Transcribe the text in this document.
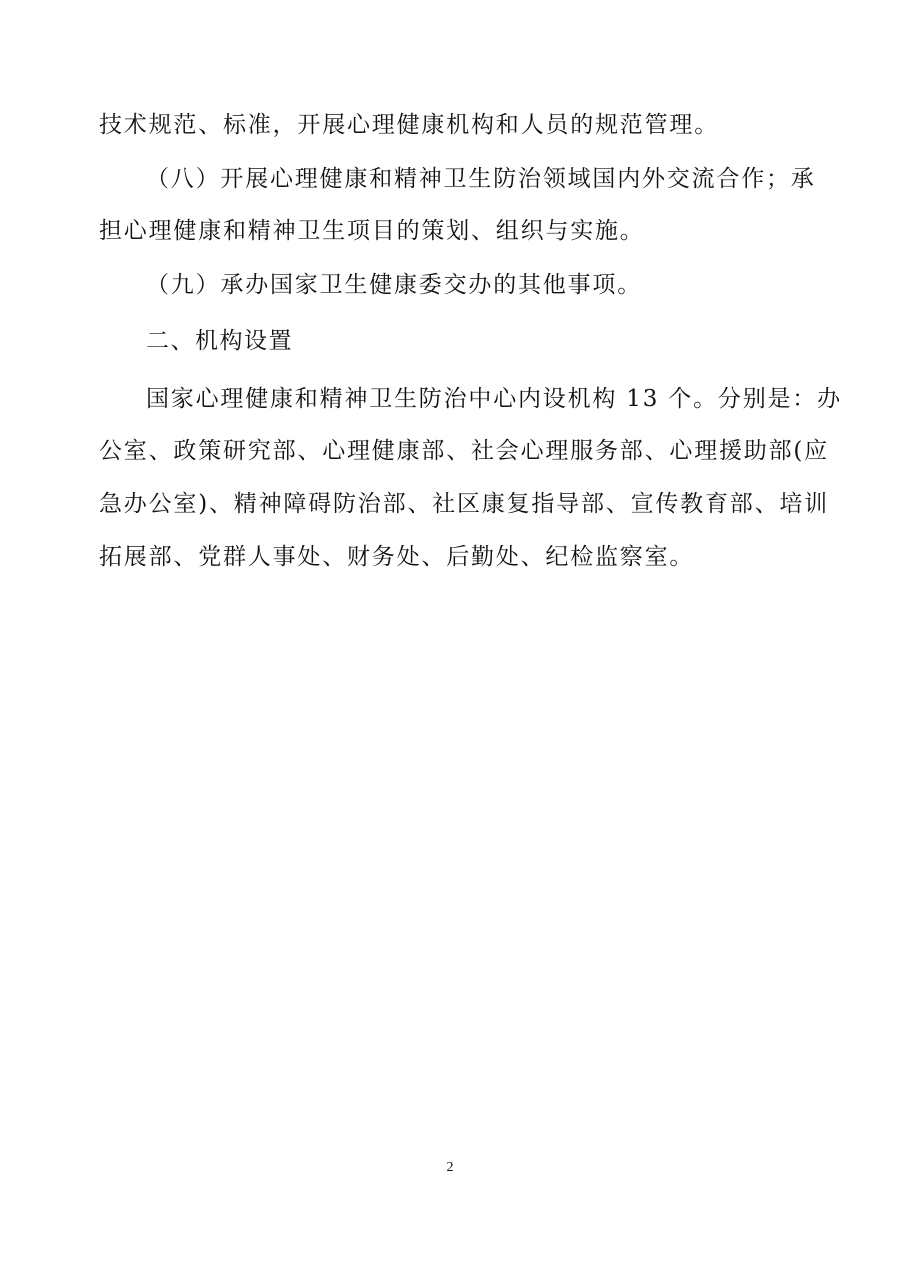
技术规范、标准，开展心理健康机构和人员的规范管理。
（八）开展心理健康和精神卫生防治领域国内外交流合作；承
担心理健康和精神卫生项目的策划、组织与实施。
（九）承办国家卫生健康委交办的其他事项。
二、机构设置
国家心理健康和精神卫生防治中心内设机构 13 个。分别是：办
公室、政策研究部、心理健康部、社会心理服务部、心理援助部(应
急办公室)、精神障碍防治部、社区康复指导部、宣传教育部、培训
拓展部、党群人事处、财务处、后勤处、纪检监察室。
2
